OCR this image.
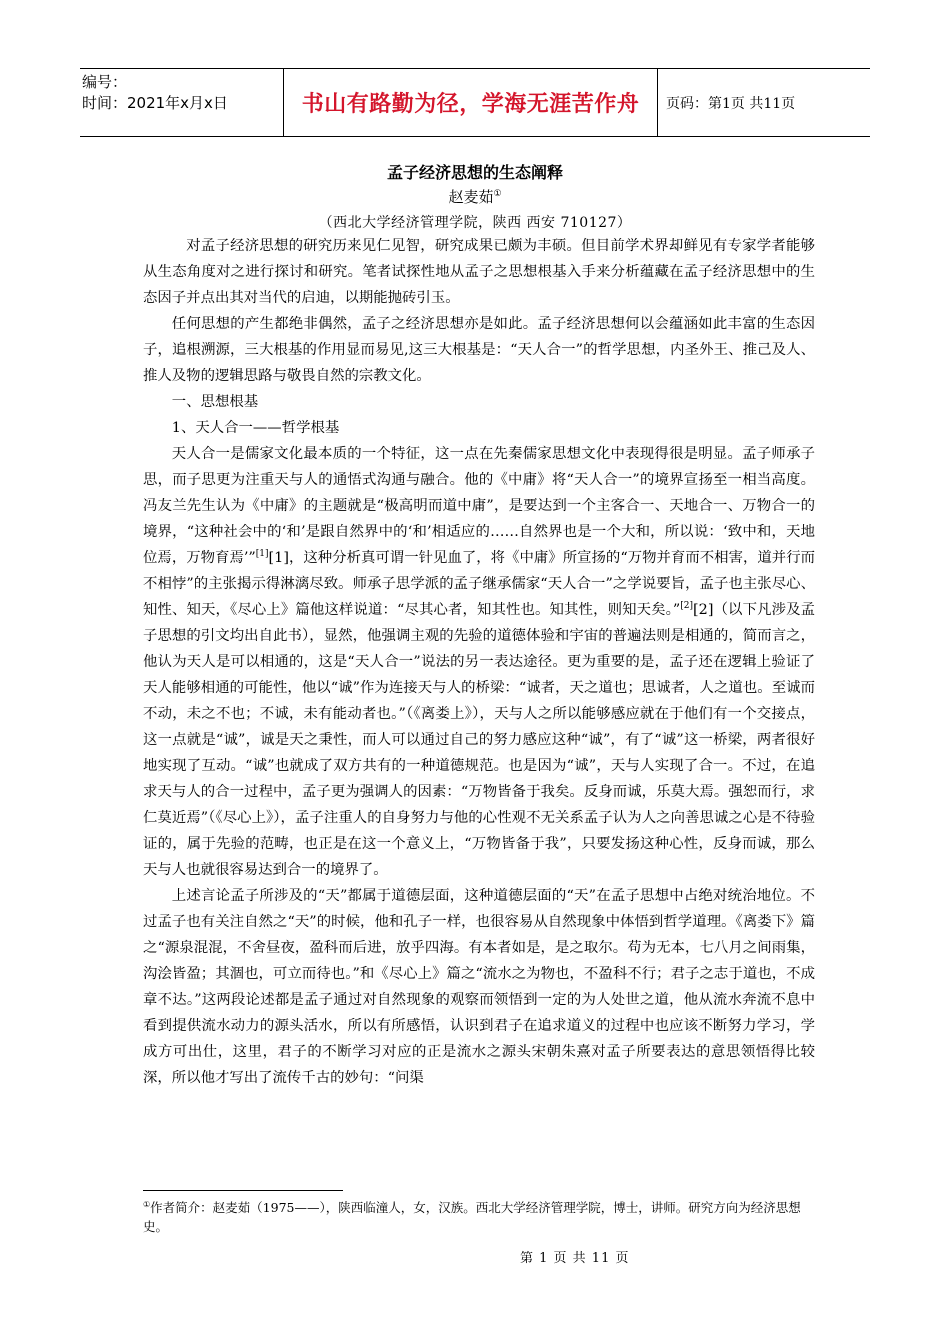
编号：
时间：2021年x月x日	书山有路勤为径，学海无涯苦作舟	页码：第1页 共11页
孟子经济思想的生态阐释
赵麦茹①
（西北大学经济管理学院，陕西 西安 710127）

对孟子经济思想的研究历来见仁见智，研究成果已颇为丰硕。但目前学术界却鲜见有专家学者能够从生态角度对之进行探讨和研究。笔者试探性地从孟子之思想根基入手来分析蕴藏在孟子经济思想中的生态因子并点出其对当代的启迪，以期能抛砖引玉。

任何思想的产生都绝非偶然，孟子之经济思想亦是如此。孟子经济思想何以会蕴涵如此丰富的生态因子，追根溯源，三大根基的作用显而易见,这三大根基是：“天人合一”的哲学思想，内圣外王、推己及人、推人及物的逻辑思路与敬畏自然的宗教文化。

一、思想根基

1、天人合一——哲学根基

天人合一是儒家文化最本质的一个特征，这一点在先秦儒家思想文化中表现得很是明显。孟子师承子思，而子思更为注重天与人的通悟式沟通与融合。他的《中庸》将“天人合一”的境界宣扬至一相当高度。冯友兰先生认为《中庸》的主题就是“极高明而道中庸”，是要达到一个主客合一、天地合一、万物合一的境界，“这种社会中的‘和’是跟自然界中的‘和’相适应的……自然界也是一个大和，所以说：‘致中和，天地位焉，万物育焉’”[1][1]，这种分析真可谓一针见血了，将《中庸》所宣扬的“万物并育而不相害，道并行而不相悖”的主张揭示得淋漓尽致。师承子思学派的孟子继承儒家“天人合一”之学说要旨，孟子也主张尽心、知性、知天，《尽心上》篇他这样说道：“尽其心者，知其性也。知其性，则知天矣。”[2][2]（以下凡涉及孟子思想的引文均出自此书），显然，他强调主观的先验的道德体验和宇宙的普遍法则是相通的，简而言之，他认为天人是可以相通的，这是“天人合一”说法的另一表达途径。更为重要的是，孟子还在逻辑上验证了天人能够相通的可能性，他以“诚”作为连接天与人的桥梁：“诚者，天之道也；思诚者，人之道也。至诚而不动，未之不也；不诚，未有能动者也。”（《离娄上》），天与人之所以能够感应就在于他们有一个交接点，这一点就是“诚”，诚是天之秉性，而人可以通过自己的努力感应这种“诚”，有了“诚”这一桥梁，两者很好地实现了互动。“诚”也就成了双方共有的一种道德规范。也是因为“诚”，天与人实现了合一。不过，在追求天与人的合一过程中，孟子更为强调人的因素：“万物皆备于我矣。反身而诚，乐莫大焉。强恕而行，求仁莫近焉”（《尽心上》），孟子注重人的自身努力与他的心性观不无关系孟子认为人之向善思诚之心是不待验证的，属于先验的范畴，也正是在这一个意义上，“万物皆备于我”，只要发扬这种心性，反身而诚，那么天与人也就很容易达到合一的境界了。

上述言论孟子所涉及的“天”都属于道德层面，这种道德层面的“天”在孟子思想中占绝对统治地位。不过孟子也有关注自然之“天”的时候，他和孔子一样，也很容易从自然现象中体悟到哲学道理。《离娄下》篇之“源泉混混，不舍昼夜，盈科而后进，放乎四海。有本者如是，是之取尔。苟为无本，七八月之间雨集，沟浍皆盈；其涸也，可立而待也。”和《尽心上》篇之“流水之为物也，不盈科不行；君子之志于道也，不成章不达。”这两段论述都是孟子通过对自然现象的观察而领悟到一定的为人处世之道，他从流水奔流不息中看到提供流水动力的源头活水，所以有所感悟，认识到君子在追求道义的过程中也应该不断努力学习，学成方可出仕，这里，君子的不断学习对应的正是流水之源头宋朝朱熹对孟子所要表达的意思领悟得比较深，所以他才写出了流传千古的妙句：“问渠

①作者简介：赵麦茹（1975——），陕西临潼人，女，汉族。西北大学经济管理学院，博士，讲师。研究方向为经济思想史。
第 1 页 共 11 页
